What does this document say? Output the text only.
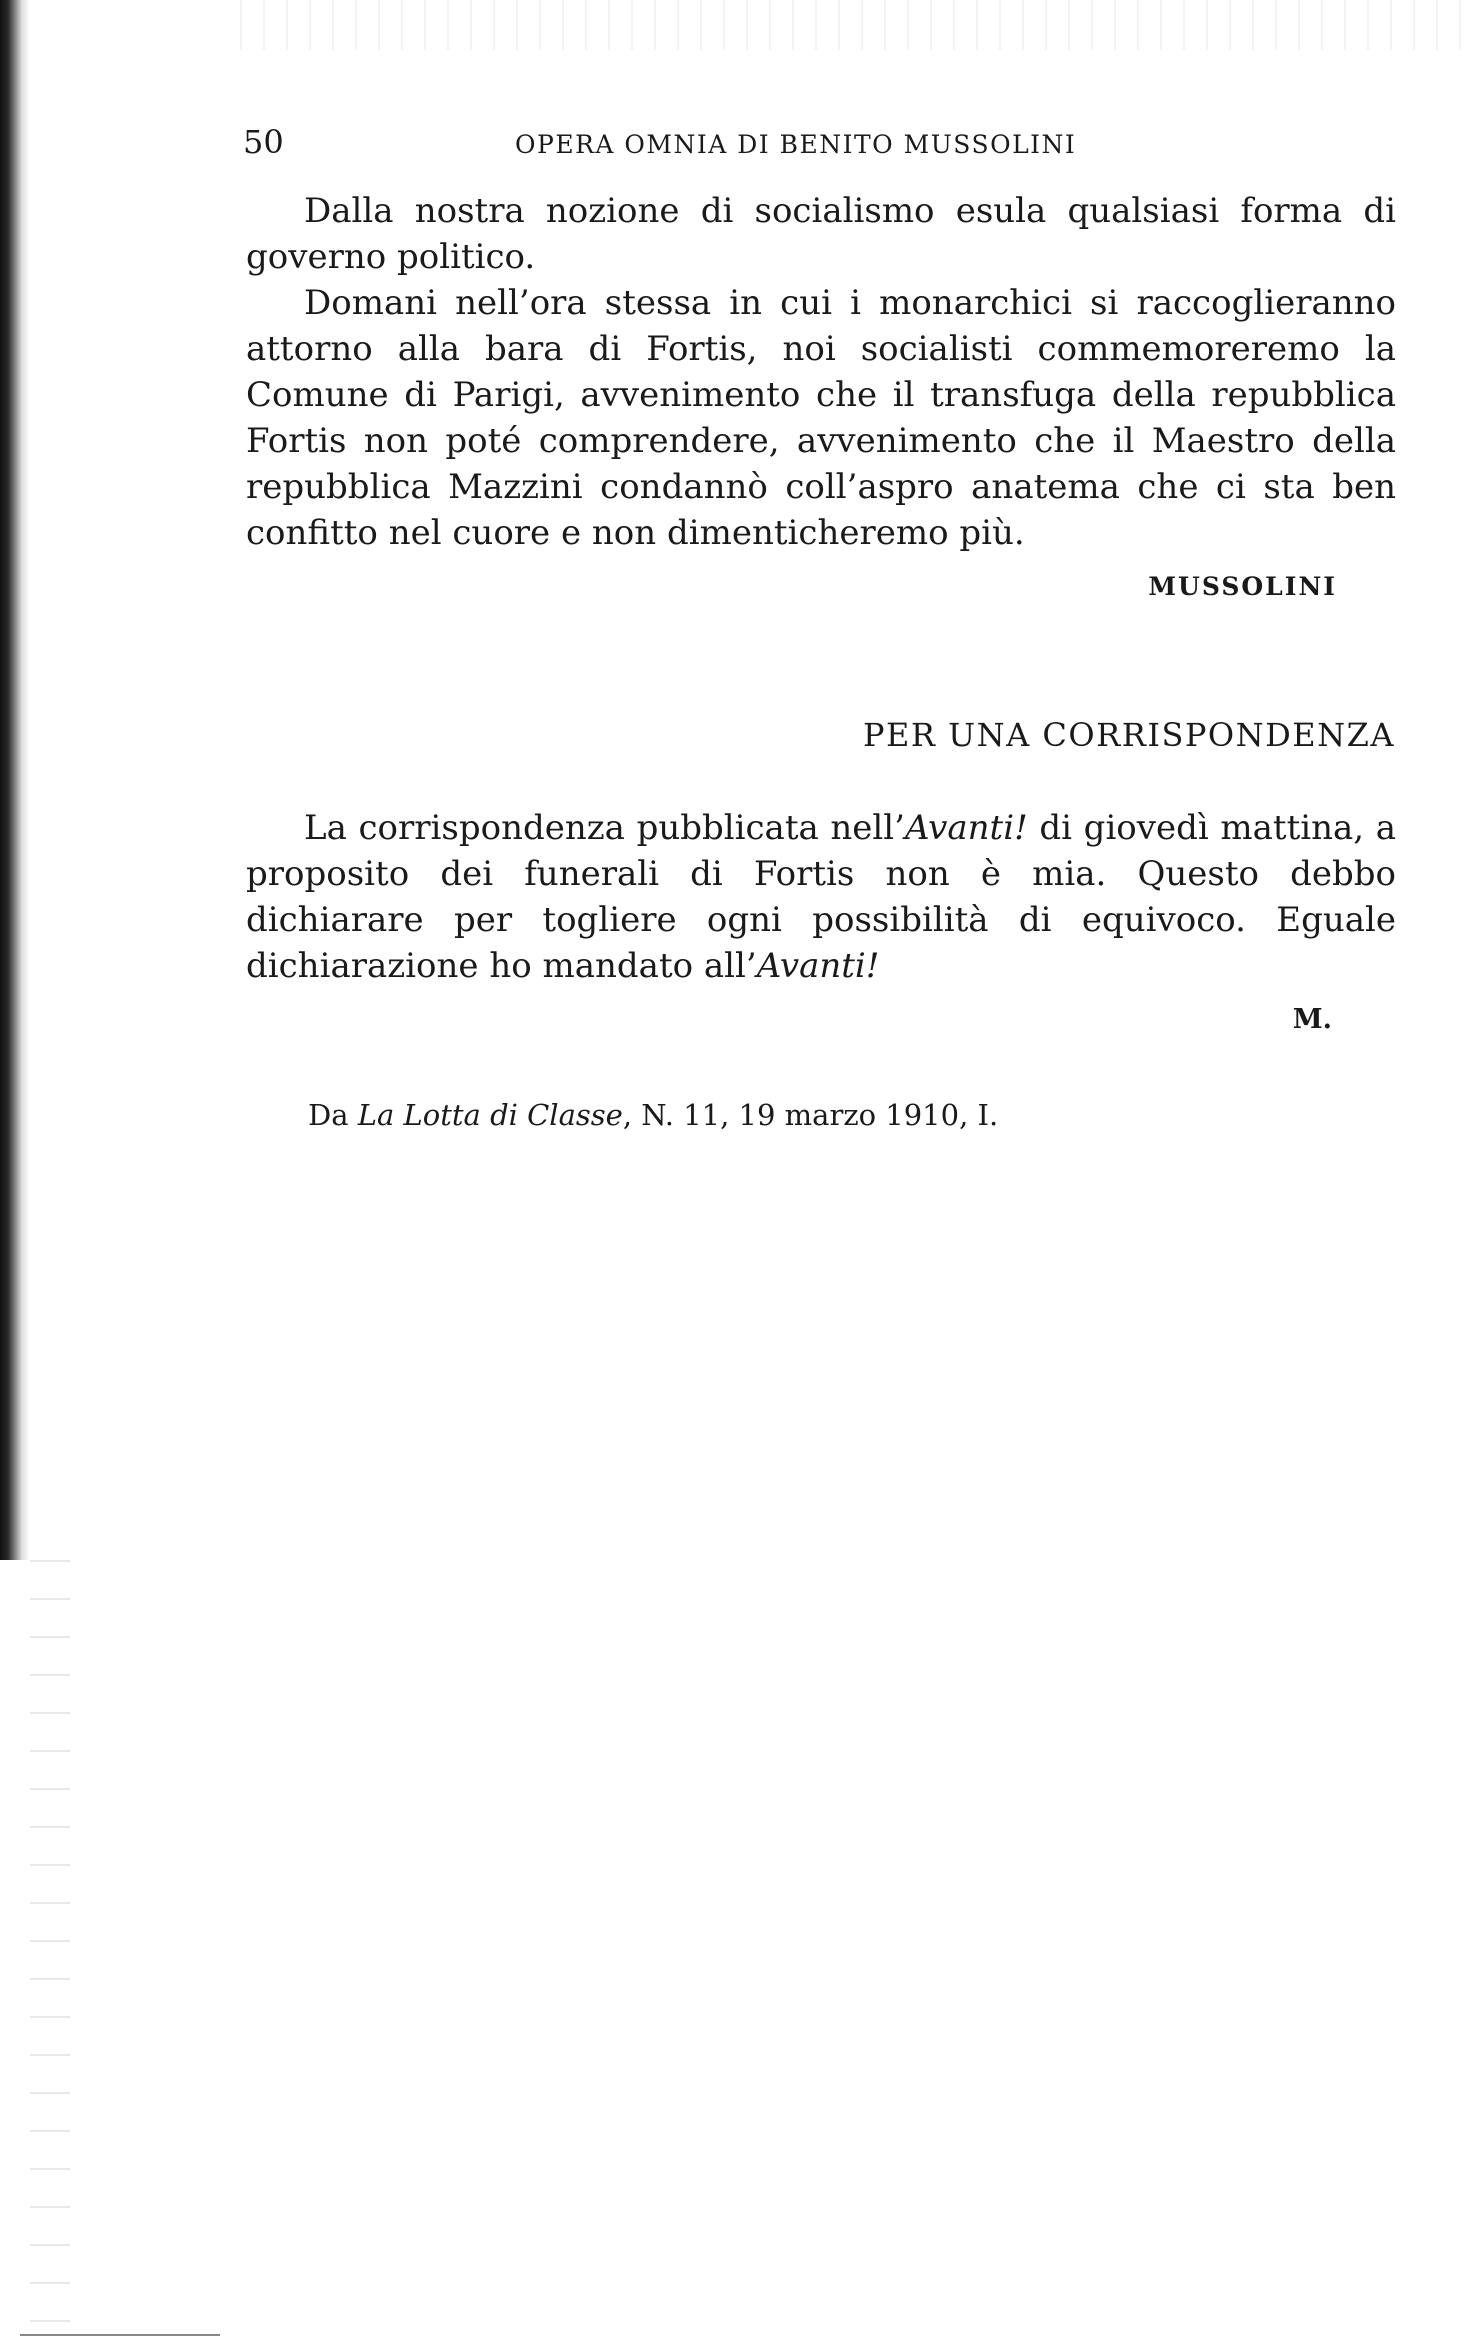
50	OPERA OMNIA DI BENITO MUSSOLINI

Dalla nostra nozione di socialismo esula qualsiasi forma di governo politico.

Domani nell’ora stessa in cui i monarchici si raccoglieranno attorno alla bara di Fortis, noi socialisti commemoreremo la Comune di Parigi, avvenimento che il transfuga della repubblica Fortis non poté comprendere, avvenimento che il Maestro della repubblica Mazzini condannò coll’aspro anatema che ci sta ben confitto nel cuore e non dimenticheremo più.

MUSSOLINI
PER UNA CORRISPONDENZA

La corrispondenza pubblicata nell’Avanti! di giovedì mattina, a proposito dei funerali di Fortis non è mia. Questo debbo dichiarare per togliere ogni possibilità di equivoco. Eguale dichiarazione ho mandato all’Avanti!

M.
Da La Lotta di Classe, N. 11, 19 marzo 1910, I.
